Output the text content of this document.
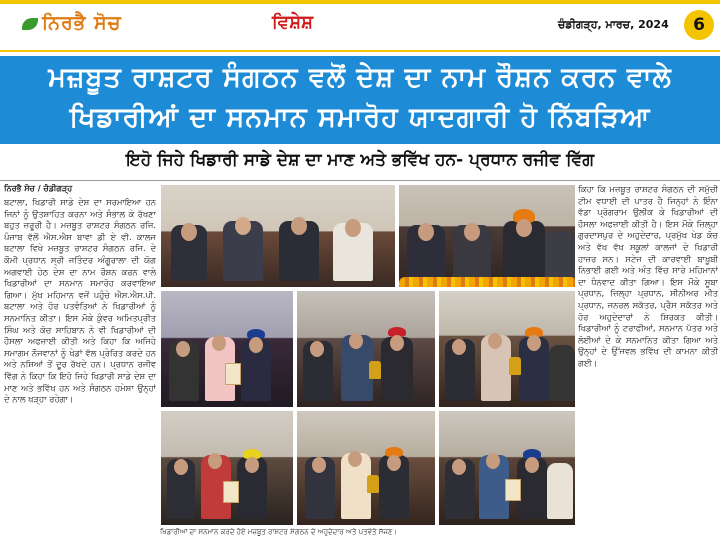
ਨਿਰਭੈ ਸੋਚ	ਵਿਸ਼ੇਸ਼	ਚੰਡੀਗੜ੍ਹ, ਮਾਰਚ, 2024	6
ਮਜ਼ਬੂਤ ਰਾਸ਼ਟਰ ਸੰਗਠਨ ਵਲੋਂ ਦੇਸ਼ ਦਾ ਨਾਮ ਰੌਸ਼ਨ ਕਰਨ ਵਾਲੇ
ਖਿਡਾਰੀਆਂ ਦਾ ਸਨਮਾਨ ਸਮਾਰੋਹ ਯਾਦਗਾਰੀ ਹੋ ਨਿੱਬੜਿਆ
ਇਹੋ ਜਿਹੇ ਖਿਡਾਰੀ ਸਾਡੇ ਦੇਸ਼ ਦਾ ਮਾਣ ਅਤੇ ਭਵਿੱਖ ਹਨ- ਪ੍ਰਧਾਨ ਰਜੀਵ ਵਿੱਗ
ਨਿਰਭੈ ਸੋਚ / ਚੰਡੀਗੜ੍ਹ
ਬਟਾਲਾ, ਖਿਡਾਰੀ ਸਾਡੇ ਦੇਸ਼ ਦਾ ਸਰਮਾਇਆ ਹਨ ਜਿਨਾਂ ਨੂੰ ਉਤਸ਼ਾਹਿਤ ਕਰਨਾ ਅਤੇ ਸੰਭਾਲ ਕੇ ਰੱਖਣਾ ਬਹੁਤ ਜ਼ਰੂਰੀ ਹੈ। ਮਜ਼ਬੂਤ ਰਾਸ਼ਟਰ ਸੰਗਠਨ ਰਜਿ. ਪੰਜਾਬ ਵੱਲੋਂ ਐਸ.ਐਸ ਬਾਵਾ ਡੀ ਏ ਵੀ. ਕਾਲਜ ਬਟਾਲਾ ਵਿਖੇ ਮਜ਼ਬੂਤ ਰਾਸ਼ਟਰ ਸੰਗਠਨ ਰਜਿ. ਦੇ ਕੌਮੀ ਪ੍ਰਧਾਨ ਸ੍ਰੀ ਜਤਿੰਦਰ ਅੰਗੂਰਾਲਾ ਦੀ ਯੋਗ ਅਗਵਾਈ ਹੇਠ ਦੇਸ਼ ਦਾ ਨਾਮ ਰੌਸ਼ਨ ਕਰਨ ਵਾਲੇ ਖਿਡਾਰੀਆਂ ਦਾ ਸਨਮਾਨ ਸਮਾਰੋਹ ਕਰਵਾਇਆ ਗਿਆ। ਮੁੱਖ ਮਹਿਮਾਨ ਵਜੋਂ ਪਹੁੰਚੇ ਐਸ.ਐਸ.ਪੀ. ਬਟਾਲਾ ਅਤੇ ਹੋਰ ਪਤਵੰਤਿਆਂ ਨੇ ਖਿਡਾਰੀਆਂ ਨੂੰ ਸਨਮਾਨਿਤ ਕੀਤਾ। ਇਸ ਮੌਕੇ ਕੁੰਵਰ ਅਮਿਤਪ੍ਰੀਤ ਸਿੰਘ ਅਤੇ ਕੋਚ ਸਾਹਿਬਾਨ ਨੇ ਵੀ ਖਿਡਾਰੀਆਂ ਦੀ ਹੌਸਲਾ ਅਫਜ਼ਾਈ ਕੀਤੀ ਅਤੇ ਕਿਹਾ ਕਿ ਅਜਿਹੇ ਸਮਾਗਮ ਨੌਜਵਾਨਾਂ ਨੂੰ ਖੇਡਾਂ ਵੱਲ ਪ੍ਰੇਰਿਤ ਕਰਦੇ ਹਨ ਅਤੇ ਨਸ਼ਿਆਂ ਤੋਂ ਦੂਰ ਰੱਖਦੇ ਹਨ। ਪ੍ਰਧਾਨ ਰਜੀਵ ਵਿੱਗ ਨੇ ਕਿਹਾ ਕਿ ਇਹੋ ਜਿਹੇ ਖਿਡਾਰੀ ਸਾਡੇ ਦੇਸ਼ ਦਾ ਮਾਣ ਅਤੇ ਭਵਿੱਖ ਹਨ ਅਤੇ ਸੰਗਠਨ ਹਮੇਸ਼ਾ ਉਨ੍ਹਾਂ ਦੇ ਨਾਲ ਖੜ੍ਹਾ ਰਹੇਗਾ।
ਖਿਡਾਰੀਆਂ ਦਾ ਸਨਮਾਨ ਕਰਦੇ ਹੋਏ ਮਜ਼ਬੂਤ ਰਾਸ਼ਟਰ ਸੰਗਠਨ ਦੇ ਅਹੁਦੇਦਾਰ ਅਤੇ ਪਤਵੰਤੇ ਸੱਜਣ।
ਕਿਹਾ ਕਿ ਮਜ਼ਬੂਤ ਰਾਸ਼ਟਰ ਸੰਗਠਨ ਦੀ ਸਮੁੱਚੀ ਟੀਮ ਵਧਾਈ ਦੀ ਪਾਤਰ ਹੈ ਜਿਨ੍ਹਾਂ ਨੇ ਇੰਨਾ ਵੱਡਾ ਪ੍ਰੋਗਰਾਮ ਉਲੀਕ ਕੇ ਖਿਡਾਰੀਆਂ ਦੀ ਹੌਸਲਾ ਅਫਜ਼ਾਈ ਕੀਤੀ ਹੈ। ਇਸ ਮੌਕੇ ਜ਼ਿਲ੍ਹਾ ਗੁਰਦਾਸਪੁਰ ਦੇ ਅਹੁਦੇਦਾਰ, ਪ੍ਰਮੁੱਖ ਖੇਡ ਕੋਚ ਅਤੇ ਵੱਖ ਵੱਖ ਸਕੂਲਾਂ ਕਾਲਜਾਂ ਦੇ ਖਿਡਾਰੀ ਹਾਜ਼ਰ ਸਨ। ਸਟੇਜ ਦੀ ਕਾਰਵਾਈ ਬਾਖੂਬੀ ਨਿਭਾਈ ਗਈ ਅਤੇ ਅੰਤ ਵਿੱਚ ਸਾਰੇ ਮਹਿਮਾਨਾਂ ਦਾ ਧੰਨਵਾਦ ਕੀਤਾ ਗਿਆ। ਇਸ ਮੌਕੇ ਸੂਬਾ ਪ੍ਰਧਾਨ, ਜ਼ਿਲ੍ਹਾ ਪ੍ਰਧਾਨ, ਸੀਨੀਅਰ ਮੀਤ ਪ੍ਰਧਾਨ, ਜਨਰਲ ਸਕੱਤਰ, ਪ੍ਰੈਸ ਸਕੱਤਰ ਅਤੇ ਹੋਰ ਅਹੁਦੇਦਾਰਾਂ ਨੇ ਸ਼ਿਰਕਤ ਕੀਤੀ। ਖਿਡਾਰੀਆਂ ਨੂੰ ਟਰਾਫੀਆਂ, ਸਨਮਾਨ ਪੱਤਰ ਅਤੇ ਲੋਈਆਂ ਦੇ ਕੇ ਸਨਮਾਨਿਤ ਕੀਤਾ ਗਿਆ ਅਤੇ ਉਨ੍ਹਾਂ ਦੇ ਉੱਜਵਲ ਭਵਿੱਖ ਦੀ ਕਾਮਨਾ ਕੀਤੀ ਗਈ।
